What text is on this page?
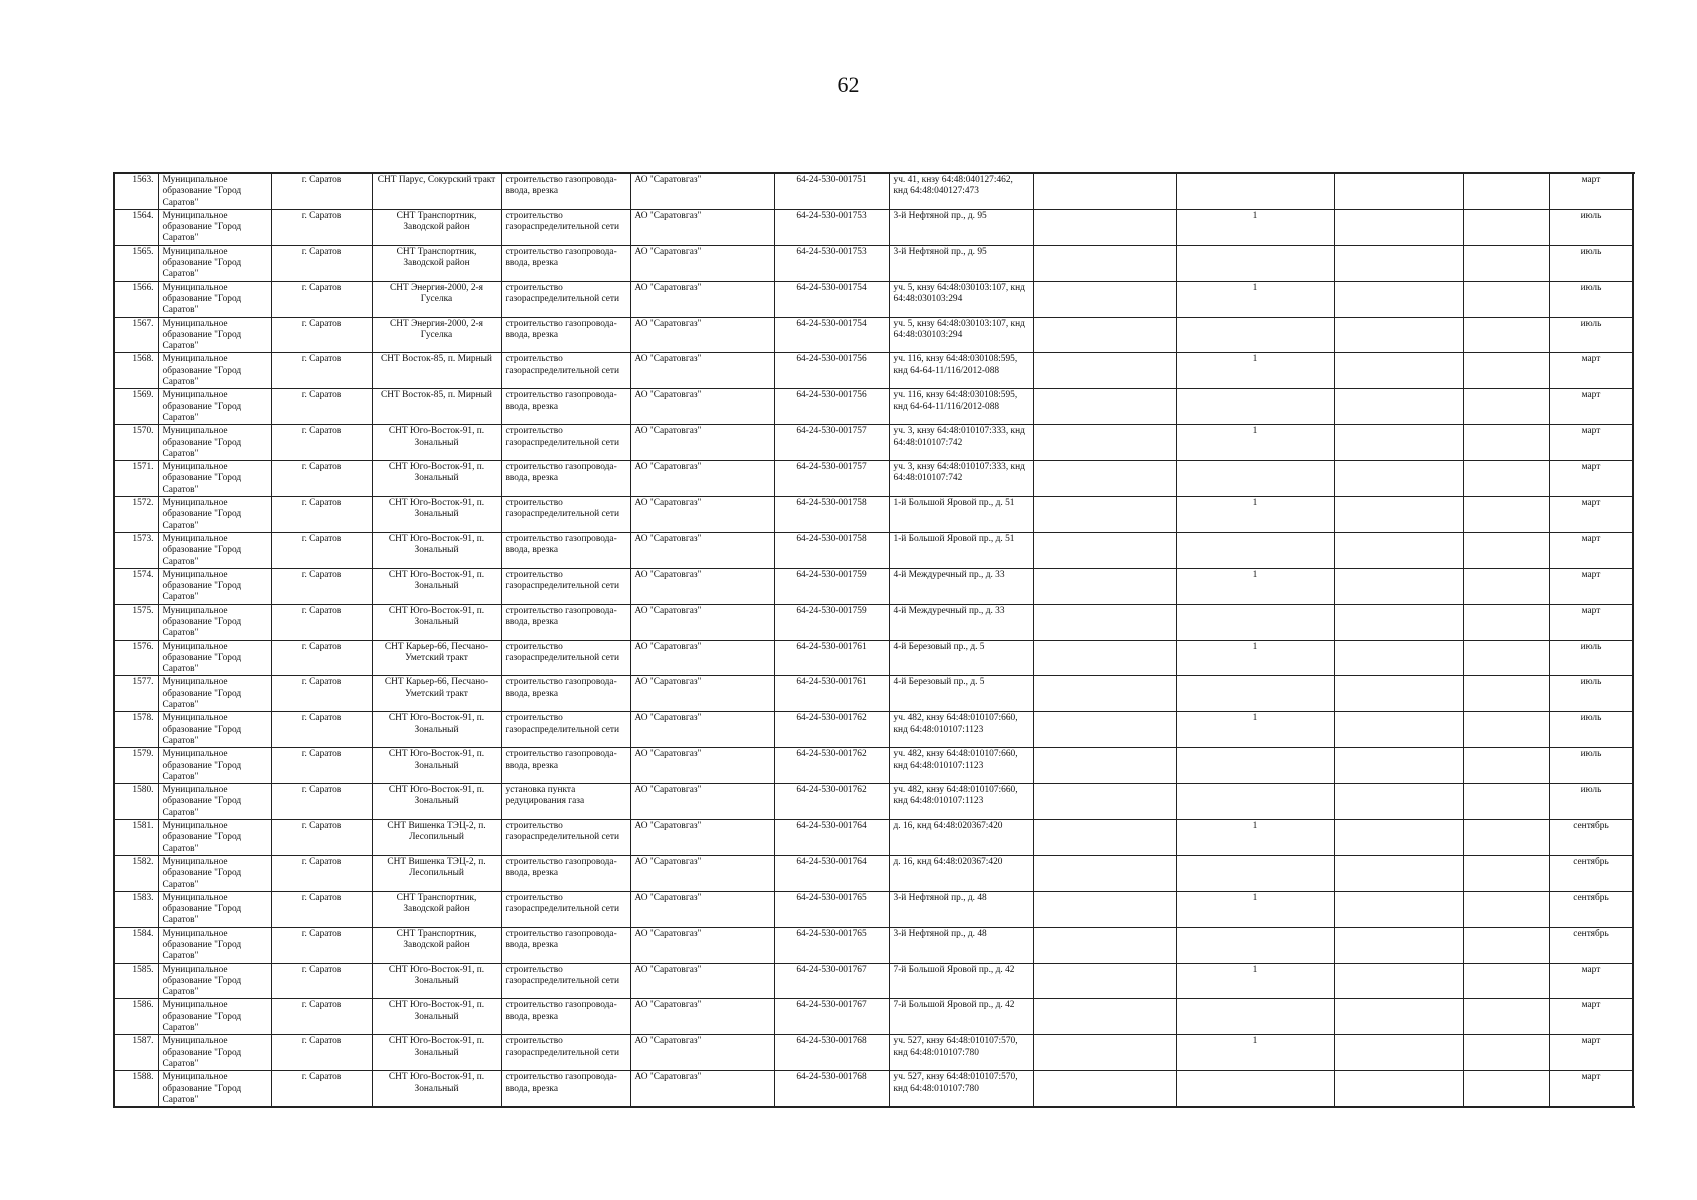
62
1563.	Муниципальное образование "Город Саратов"	г. Саратов	СНТ Парус, Сокурский тракт	строительство газопровода-ввода, врезка	АО "Саратовгаз"	64-24-530-001751	уч. 41, кнзу 64:48:040127:462, кнд 64:48:040127:473					март	
1564.	Муниципальное образование "Город Саратов"	г. Саратов	СНТ Транспортник, Заводской район	строительство газораспределительной сети	АО "Саратовгаз"	64-24-530-001753	3-й Нефтяной пр., д. 95		1			июль	
1565.	Муниципальное образование "Город Саратов"	г. Саратов	СНТ Транспортник, Заводской район	строительство газопровода-ввода, врезка	АО "Саратовгаз"	64-24-530-001753	3-й Нефтяной пр., д. 95					июль	
1566.	Муниципальное образование "Город Саратов"	г. Саратов	СНТ Энергия-2000, 2-я Гуселка	строительство газораспределительной сети	АО "Саратовгаз"	64-24-530-001754	уч. 5, кнзу 64:48:030103:107, кнд 64:48:030103:294		1			июль	
1567.	Муниципальное образование "Город Саратов"	г. Саратов	СНТ Энергия-2000, 2-я Гуселка	строительство газопровода-ввода, врезка	АО "Саратовгаз"	64-24-530-001754	уч. 5, кнзу 64:48:030103:107, кнд 64:48:030103:294					июль	
1568.	Муниципальное образование "Город Саратов"	г. Саратов	СНТ Восток-85, п. Мирный	строительство газораспределительной сети	АО "Саратовгаз"	64-24-530-001756	уч. 116, кнзу 64:48:030108:595, кнд 64-64-11/116/2012-088		1			март	
1569.	Муниципальное образование "Город Саратов"	г. Саратов	СНТ Восток-85, п. Мирный	строительство газопровода-ввода, врезка	АО "Саратовгаз"	64-24-530-001756	уч. 116, кнзу 64:48:030108:595, кнд 64-64-11/116/2012-088					март	
1570.	Муниципальное образование "Город Саратов"	г. Саратов	СНТ Юго-Восток-91, п. Зональный	строительство газораспределительной сети	АО "Саратовгаз"	64-24-530-001757	уч. 3, кнзу 64:48:010107:333, кнд 64:48:010107:742		1			март	
1571.	Муниципальное образование "Город Саратов"	г. Саратов	СНТ Юго-Восток-91, п. Зональный	строительство газопровода-ввода, врезка	АО "Саратовгаз"	64-24-530-001757	уч. 3, кнзу 64:48:010107:333, кнд 64:48:010107:742					март	
1572.	Муниципальное образование "Город Саратов"	г. Саратов	СНТ Юго-Восток-91, п. Зональный	строительство газораспределительной сети	АО "Саратовгаз"	64-24-530-001758	1-й Большой Яровой пр., д. 51		1			март	
1573.	Муниципальное образование "Город Саратов"	г. Саратов	СНТ Юго-Восток-91, п. Зональный	строительство газопровода-ввода, врезка	АО "Саратовгаз"	64-24-530-001758	1-й Большой Яровой пр., д. 51					март	
1574.	Муниципальное образование "Город Саратов"	г. Саратов	СНТ Юго-Восток-91, п. Зональный	строительство газораспределительной сети	АО "Саратовгаз"	64-24-530-001759	4-й Междуречный пр., д. 33		1			март	
1575.	Муниципальное образование "Город Саратов"	г. Саратов	СНТ Юго-Восток-91, п. Зональный	строительство газопровода-ввода, врезка	АО "Саратовгаз"	64-24-530-001759	4-й Междуречный пр., д. 33					март	
1576.	Муниципальное образование "Город Саратов"	г. Саратов	СНТ Карьер-66, Песчано-Уметский тракт	строительство газораспределительной сети	АО "Саратовгаз"	64-24-530-001761	4-й Березовый пр., д. 5		1			июль	
1577.	Муниципальное образование "Город Саратов"	г. Саратов	СНТ Карьер-66, Песчано-Уметский тракт	строительство газопровода-ввода, врезка	АО "Саратовгаз"	64-24-530-001761	4-й Березовый пр., д. 5					июль	
1578.	Муниципальное образование "Город Саратов"	г. Саратов	СНТ Юго-Восток-91, п. Зональный	строительство газораспределительной сети	АО "Саратовгаз"	64-24-530-001762	уч. 482, кнзу 64:48:010107:660, кнд 64:48:010107:1123		1			июль	
1579.	Муниципальное образование "Город Саратов"	г. Саратов	СНТ Юго-Восток-91, п. Зональный	строительство газопровода-ввода, врезка	АО "Саратовгаз"	64-24-530-001762	уч. 482, кнзу 64:48:010107:660, кнд 64:48:010107:1123					июль	
1580.	Муниципальное образование "Город Саратов"	г. Саратов	СНТ Юго-Восток-91, п. Зональный	установка пункта редуцирования газа	АО "Саратовгаз"	64-24-530-001762	уч. 482, кнзу 64:48:010107:660, кнд 64:48:010107:1123					июль	
1581.	Муниципальное образование "Город Саратов"	г. Саратов	СНТ Вишенка ТЭЦ-2, п. Лесопильный	строительство газораспределительной сети	АО "Саратовгаз"	64-24-530-001764	д. 16, кнд 64:48:020367:420		1			сентябрь	
1582.	Муниципальное образование "Город Саратов"	г. Саратов	СНТ Вишенка ТЭЦ-2, п. Лесопильный	строительство газопровода-ввода, врезка	АО "Саратовгаз"	64-24-530-001764	д. 16, кнд 64:48:020367:420					сентябрь	
1583.	Муниципальное образование "Город Саратов"	г. Саратов	СНТ Транспортник, Заводской район	строительство газораспределительной сети	АО "Саратовгаз"	64-24-530-001765	3-й Нефтяной пр., д. 48		1			сентябрь	
1584.	Муниципальное образование "Город Саратов"	г. Саратов	СНТ Транспортник, Заводской район	строительство газопровода-ввода, врезка	АО "Саратовгаз"	64-24-530-001765	3-й Нефтяной пр., д. 48					сентябрь	
1585.	Муниципальное образование "Город Саратов"	г. Саратов	СНТ Юго-Восток-91, п. Зональный	строительство газораспределительной сети	АО "Саратовгаз"	64-24-530-001767	7-й Большой Яровой пр., д. 42		1			март	
1586.	Муниципальное образование "Город Саратов"	г. Саратов	СНТ Юго-Восток-91, п. Зональный	строительство газопровода-ввода, врезка	АО "Саратовгаз"	64-24-530-001767	7-й Большой Яровой пр., д. 42					март	
1587.	Муниципальное образование "Город Саратов"	г. Саратов	СНТ Юго-Восток-91, п. Зональный	строительство газораспределительной сети	АО "Саратовгаз"	64-24-530-001768	уч. 527, кнзу 64:48:010107:570, кнд 64:48:010107:780		1			март	
1588.	Муниципальное образование "Город Саратов"	г. Саратов	СНТ Юго-Восток-91, п. Зональный	строительство газопровода-ввода, врезка	АО "Саратовгаз"	64-24-530-001768	уч. 527, кнзу 64:48:010107:570, кнд 64:48:010107:780					март	
